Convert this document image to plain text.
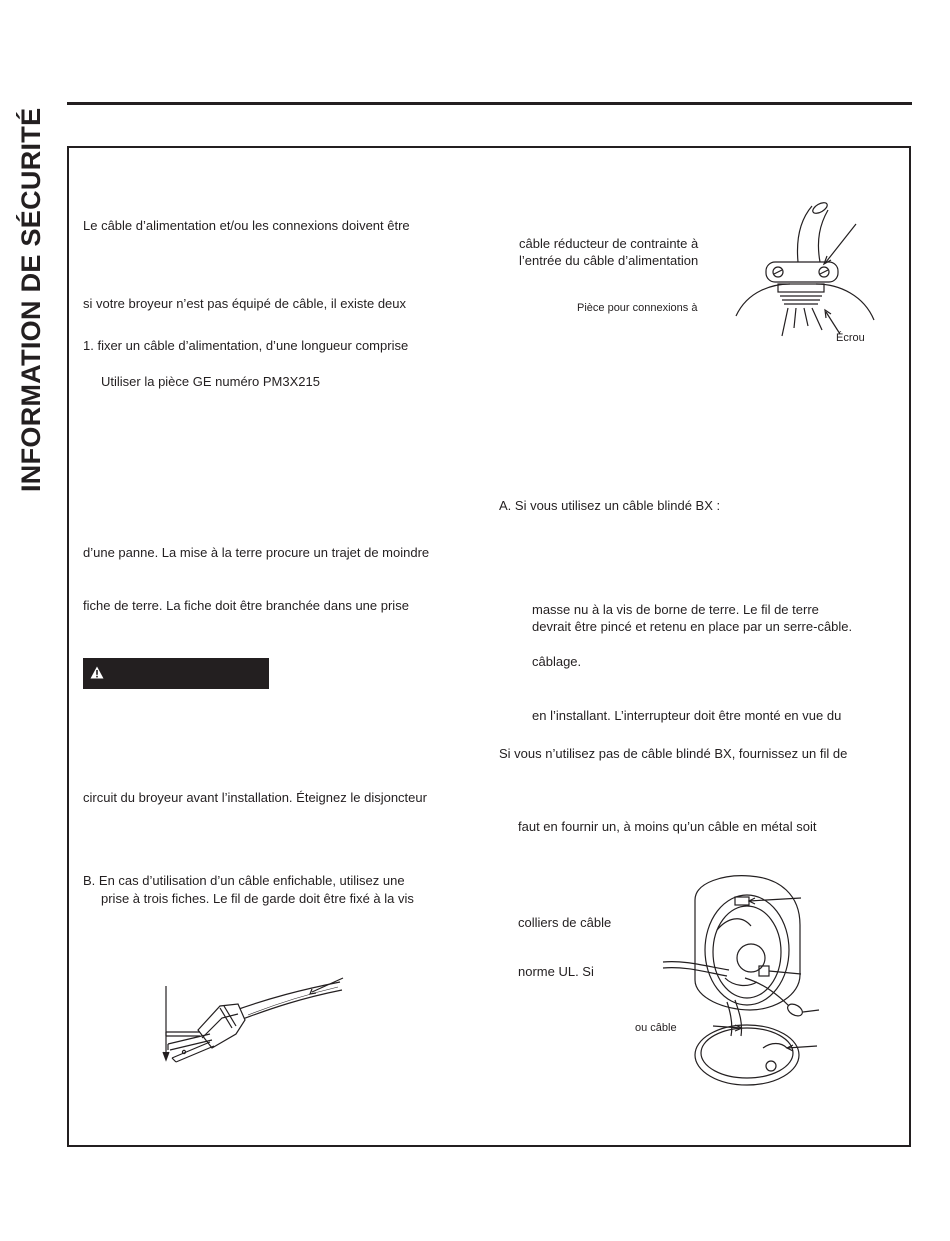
INFORMATION DE SÉCURITÉ	Le câble d’alimentation et/ou les connexions doivent être
si votre broyeur n’est pas équipé de câble, il existe deux
1. fixer un câble d’alimentation, d’une longueur comprise
Utiliser la pièce GE numéro PM3X215
d’une panne. La mise à la terre procure un trajet de moindre
fiche de terre. La fiche doit être branchée dans une prise
circuit du broyeur avant l’installation. Éteignez le disjoncteur
B. En cas d’utilisation d’un câble enfichable, utilisez une
prise à trois fiches. Le fil de garde doit être fixé à la vis
câble réducteur de contrainte à
l’entrée du câble d’alimentation
Pièce pour connexions à
Écrou
A. Si vous utilisez un câble blindé BX :
masse nu à la vis de borne de terre. Le fil de terre
devrait être pincé et retenu en place par un serre-câble.
câblage.
en l’installant. L’interrupteur doit être monté en vue du
Si vous n’utilisez pas de câble blindé BX, fournissez un fil de
faut en fournir un, à moins qu’un câble en métal soit
colliers de câble
norme UL. Si
ou câble
